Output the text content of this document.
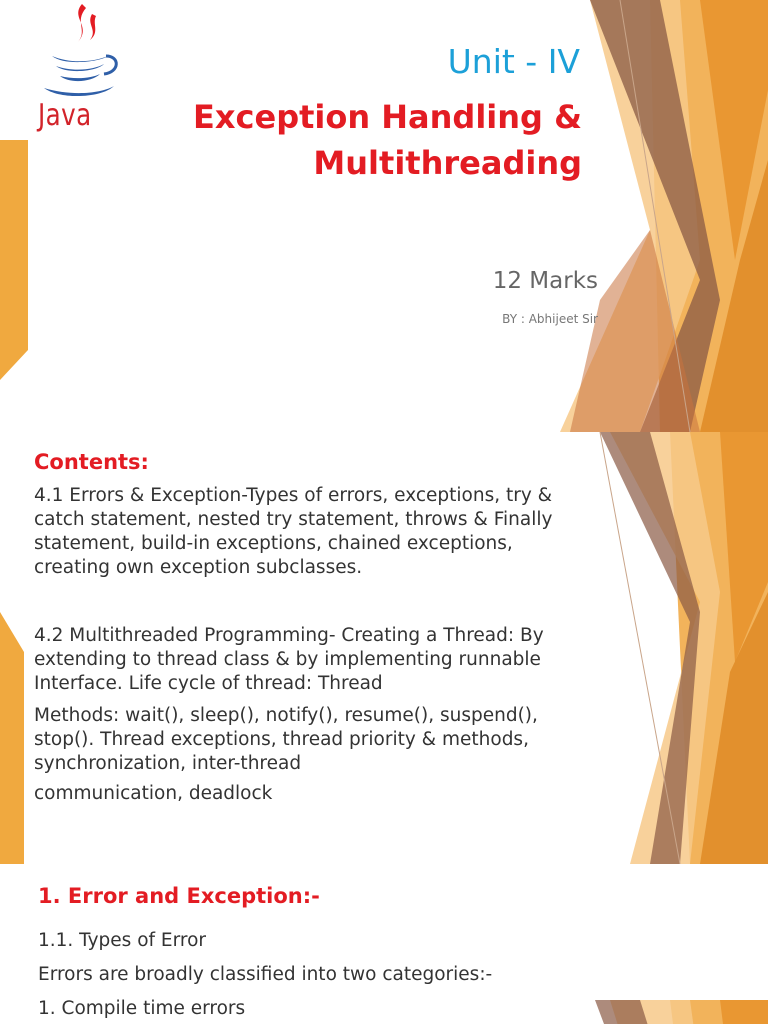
Java
Unit - IV
Exception Handling &
Multithreading
12 Marks
BY : Abhijeet Sir
Contents:
4.1 Errors & Exception-Types of errors, exceptions, try & catch statement, nested try statement, throws & Finally statement, build-in exceptions, chained exceptions, creating own exception subclasses.
4.2 Multithreaded Programming- Creating a Thread: By extending to thread class & by implementing runnable Interface. Life cycle of thread: Thread
Methods: wait(), sleep(), notify(), resume(), suspend(), stop(). Thread exceptions, thread priority & methods, synchronization, inter-thread
communication, deadlock
1. Error and Exception:-
1.1. Types of Error
Errors are broadly classified into two categories:-
1. Compile time errors
